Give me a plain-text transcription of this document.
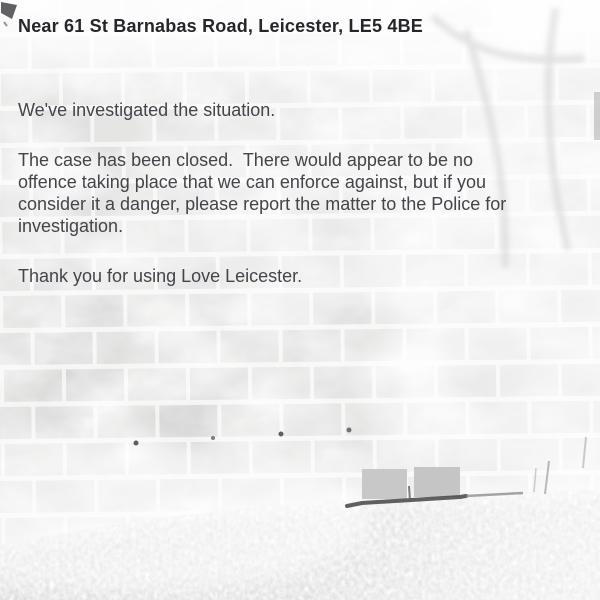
Near 61 St Barnabas Road, Leicester, LE5 4BE
We've investigated the situation.
The case has been closed.  There would appear to be no
offence taking place that we can enforce against, but if you
consider it a danger, please report the matter to the Police for
investigation.
Thank you for using Love Leicester.
